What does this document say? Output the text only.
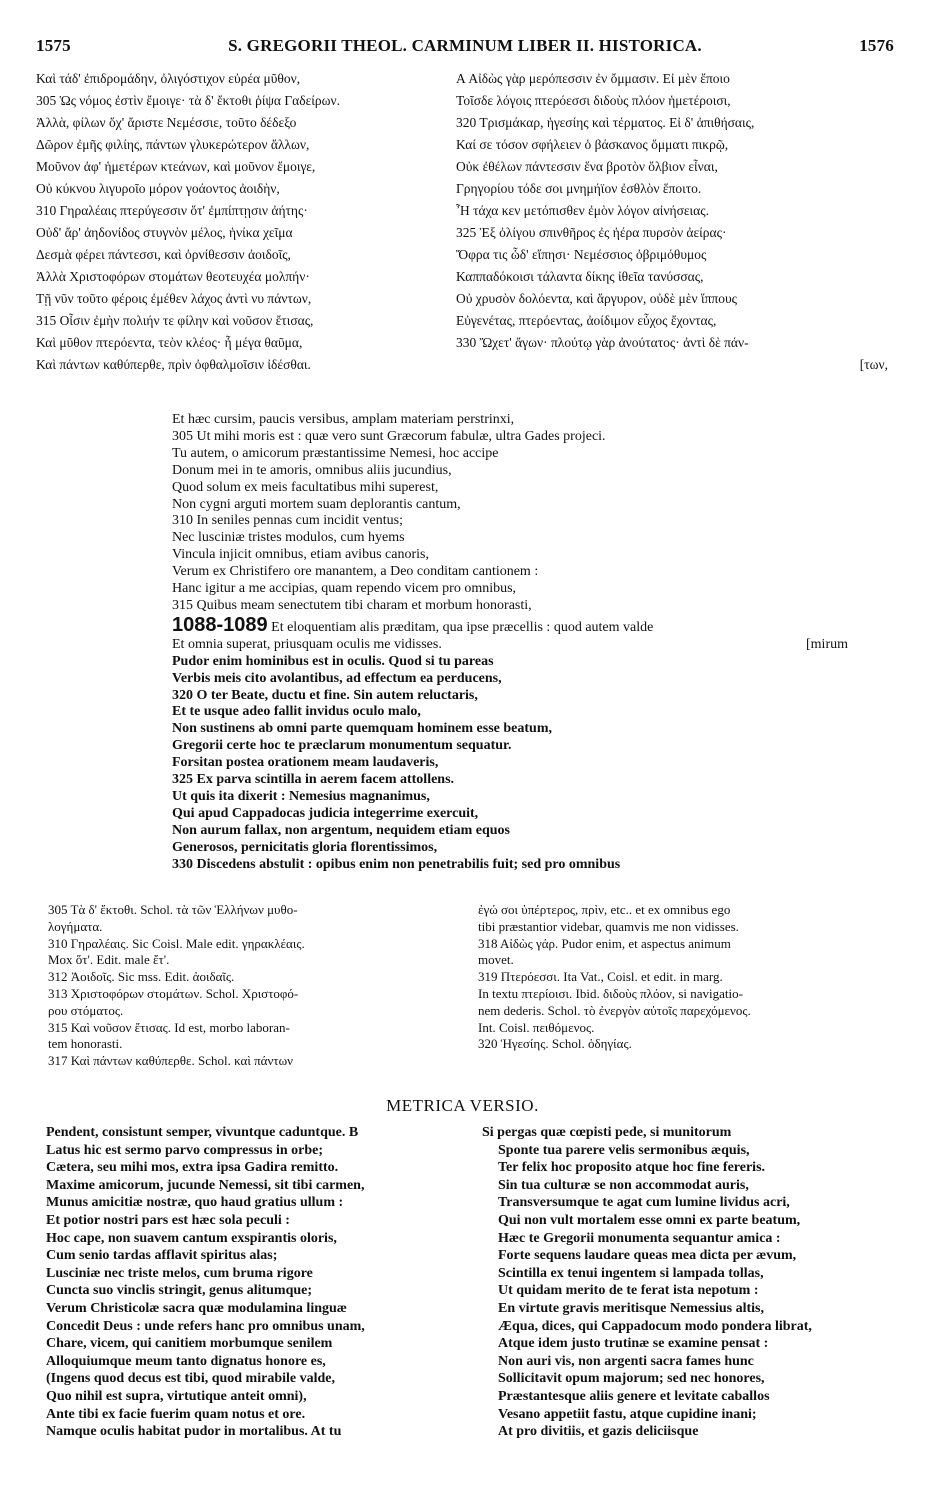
1575	S. GREGORII THEOL. CARMINUM LIBER II. HISTORICA.	1576
Καὶ τάδ' ἐπιδρομάδην, ὀλιγόστιχον εὐρέα μῦθον,
305 Ὡς νόμος ἐστὶν ἔμοιγε· τὰ δ' ἔκτοθι ῥίψα Γαδείρων.
Ἀλλὰ, φίλων ὄχ' ἄριστε Νεμέσσιε, τοῦτο δέδεξο
Δῶρον ἐμῆς φιλίης, πάντων γλυκερώτερον ἄλλων,
Μοῦνον ἀφ' ἡμετέρων κτεάνων, καὶ μοῦνον ἔμοιγε,
Οὐ κύκνου λιγυροῖο μόρον γοάοντος ἀοιδὴν,
310 Γηραλέαις πτερύγεσσιν ὅτ' ἐμπίπτῃσιν ἀήτης·
Οὐδ' ἄρ' ἀηδονίδος στυγνὸν μέλος, ἡνίκα χεῖμα
Δεσμὰ φέρει πάντεσσι, καὶ ὀρνίθεσσιν ἀοιδοῖς,
Ἀλλὰ Χριστοφόρων στομάτων θεοτευχέα μολπήν·
Τῇ νῦν τοῦτο φέροις ἐμέθεν λάχος ἀντὶ νυ πάντων,
315 Οἷσιν ἐμὴν πολιήν τε φίλην καὶ νοῦσον ἔτισας,
Καὶ μῦθον πτερόεντα, τεὸν κλέος· ἦ μέγα θαῦμα,
Καὶ πάντων καθύπερθε, πρὶν ὀφθαλμοῖσιν ἰδέσθαι.
A Αἰδὼς γὰρ μερόπεσσιν ἐν ὄμμασιν. Εἰ μὲν ἔποιο
Τοῖσδε λόγοις πτερόεσσι διδοὺς πλόον ἡμετέροισι,
320 Τρισμάκαρ, ἡγεσίης καὶ τέρματος. Εἰ δ' ἀπιθήσαις,
Καί σε τόσον σφήλειεν ὁ βάσκανος ὄμματι πικρῷ,
Οὐκ ἐθέλων πάντεσσιν ἕνα βροτὸν ὄλβιον εἶναι,
Γρηγορίου τόδε σοι μνημήϊον ἐσθλὸν ἕποιτο.
Ἦ τάχα κεν μετόπισθεν ἐμὸν λόγον αἰνήσειας.
325 Ἐξ ὀλίγου σπινθῆρος ἐς ἠέρα πυρσὸν ἀείρας·
Ὄφρα τις ὧδ' εἴπησι· Νεμέσσιος ὀβριμόθυμος
Καππαδόκοισι τάλαντα δίκης ἰθεῖα τανύσσας,
Οὐ χρυσὸν δολόεντα, καὶ ἄργυρον, οὐδὲ μὲν ἵππους
Εὐγενέτας, πτερόεντας, ἀοίδιμον εὖχος ἔχοντας,
330 Ὤχετ' ἄγων· πλούτῳ γὰρ ἀνούτατος· ἀντὶ δὲ πάν-
[των,
Et hæc cursim, paucis versibus, amplam materiam perstrinxi,
305 Ut mihi moris est : quæ vero sunt Græcorum fabulæ, ultra Gades projeci.
Tu autem, o amicorum præstantissime Nemesi, hoc accipe
Donum mei in te amoris, omnibus aliis jucundius,
Quod solum ex meis facultatibus mihi superest,
Non cygni arguti mortem suam deplorantis cantum,
310 In seniles pennas cum incidit ventus;
Nec lusciniæ tristes modulos, cum hyems
Vincula injicit omnibus, etiam avibus canoris,
Verum ex Christifero ore manantem, a Deo conditam cantionem :
Hanc igitur a me accipias, quam rependo vicem pro omnibus,
315 Quibus meam senectutem tibi charam et morbum honorasti,
1088-1089 Et eloquentiam alis præditam, qua ipse præcellis : quod autem valde
Et omnia superat, priusquam oculis me vidisses.	[mirum
Pudor enim hominibus est in oculis. Quod si tu pareas
Verbis meis cito avolantibus, ad effectum ea perducens,
320 O ter Beate, ductu et fine. Sin autem reluctaris,
Et te usque adeo fallit invidus oculo malo,
Non sustinens ab omni parte quemquam hominem esse beatum,
Gregorii certe hoc te præclarum monumentum sequatur.
Forsitan postea orationem meam laudaveris,
325 Ex parva scintilla in aerem facem attollens.
Ut quis ita dixerit : Nemesius magnanimus,
Qui apud Cappadocas judicia integerrime exercuit,
Non aurum fallax, non argentum, nequidem etiam equos
Generosos, pernicitatis gloria florentissimos,
330 Discedens abstulit : opibus enim non penetrabilis fuit; sed pro omnibus
305 Τὰ δ' ἔκτοθι. Schol. τὰ τῶν Ἑλλήνων μυθο-
λογήματα.
310 Γηραλέαις. Sic Coisl. Male edit. γηρακλέαις.
Mox ὅτ'. Edit. male ἔτ'.
312 Ἀοιδοῖς. Sic mss. Edit. ἀοιδαῖς.
313 Χριστοφόρων στομάτων. Schol. Χριστοφό-
ρου στόματος.
315 Καὶ νοῦσον ἔτισας. Id est, morbo laboran-
tem honorasti.
317 Καὶ πάντων καθύπερθε. Schol. καὶ πάντων
ἐγώ σοι ὑπέρτερος, πρὶν, etc.. et ex omnibus ego
tibi præstantior videbar, quamvis me non vidisses.
318 Αἰδὼς γάρ. Pudor enim, et aspectus animum
movet.
319 Πτερόεσσι. Ita Vat., Coisl. et edit. in marg.
In textu πτερίοισι. Ibid. διδοὺς πλόον, si navigatio-
nem dederis. Schol. τὸ ἐνεργὸν αὐτοῖς παρεχόμενος.
Int. Coisl. πειθόμενος.
320 Ἡγεσίης. Schol. ὁδηγίας.
METRICA VERSIO.
Pendent, consistunt semper, vivuntque caduntque. B
Latus hic est sermo parvo compressus in orbe;
Cætera, seu mihi mos, extra ipsa Gadira remitto.
Maxime amicorum, jucunde Nemessi, sit tibi carmen,
Munus amicitiæ nostræ, quo haud gratius ullum :
Et potior nostri pars est hæc sola peculi :
Hoc cape, non suavem cantum exspirantis oloris,
Cum senio tardas afflavit spiritus alas;
Lusciniæ nec triste melos, cum bruma rigore
Cuncta suo vinclis stringit, genus alitumque;
Verum Christicolæ sacra quæ modulamina linguæ
Concedit Deus : unde refers hanc pro omnibus unam,
Chare, vicem, qui canitiem morbumque senilem
Alloquiumque meum tanto dignatus honore es,
(Ingens quod decus est tibi, quod mirabile valde,
Quo nihil est supra, virtutique anteit omni),
Ante tibi ex facie fuerim quam notus et ore.
Namque oculis habitat pudor in mortalibus. At tu
Si pergas quæ cœpisti pede, si munitorum
Sponte tua parere velis sermonibus æquis,
Ter felix hoc proposito atque hoc fine fereris.
Sin tua culturæ se non accommodat auris,
Transversumque te agat cum lumine lividus acri,
Qui non vult mortalem esse omni ex parte beatum,
Hæc te Gregorii monumenta sequantur amica :
Forte sequens laudare queas mea dicta per ævum,
Scintilla ex tenui ingentem si lampada tollas,
Ut quidam merito de te ferat ista nepotum :
En virtute gravis meritisque Nemessius altis,
Æqua, dices, qui Cappadocum modo pondera librat,
Atque idem justo trutinæ se examine pensat :
Non auri vis, non argenti sacra fames hunc
Sollicitavit opum majorum; sed nec honores,
Præstantesque aliis genere et levitate caballos
Vesano appetiit fastu, atque cupidine inani;
At pro divitiis, et gazis deliciisque
